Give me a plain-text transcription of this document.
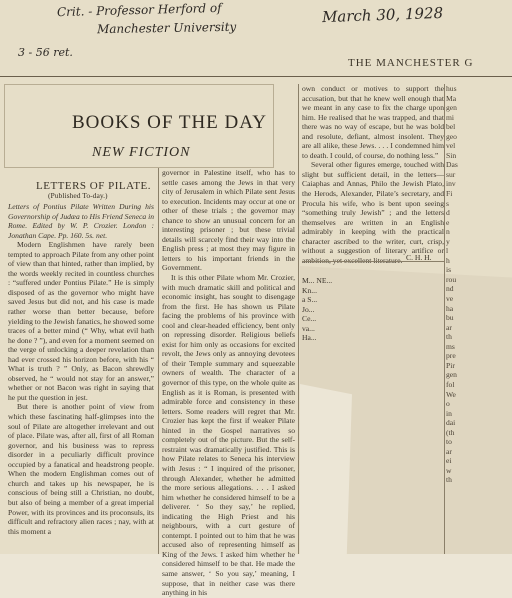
Crit. - Professor Herford of
Manchester University
March 30, 1928
3 - 56 ret.
THE MANCHESTER G
BOOKS OF THE DAY
NEW FICTION
LETTERS OF PILATE.
(Published To-day.)

Letters of Pontius Pilate Written During his Governorship of Judæa to His Friend Seneca in Rome. Edited by W. P. Crozier. London : Jonathan Cape. Pp. 160. 5s. net.

Modern Englishmen have rarely been tempted to approach Pilate from any other point of view than that hinted, rather than implied, by the words weekly recited in countless churches : “suffered under Pontius Pilate.” He is simply disposed of as the governor who might have saved Jesus but did not, and his case is made rather worse than better because, before yielding to the Jewish fanatics, he showed some traces of a better mind (“ Why, what evil hath he done ? ”), and even for a moment seemed on the verge of unlocking a deeper revelation than had ever crossed his horizon before, with his “ What is truth ? ” Only, as Bacon shrewdly observed, he “ would not stay for an answer,” whether or not Bacon was right in saying that he put the question in jest.

But there is another point of view from which these fascinating half-glimpses into the soul of Pilate are altogether irrelevant and out of place. Pilate was, after all, first of all Roman governor, and his business was to repress disorder in a peculiarly difficult province occupied by a fanatical and headstrong people. When the modern Englishman comes out of church and takes up his newspaper, he is conscious of being still a Christian, no doubt, but also of being a member of a great imperial Power, with its provinces and its proconsuls, its difficult and refractory alien races ; nay, with at this moment a

governor in Palestine itself, who has to settle cases among the Jews in that very city of Jerusalem in which Pilate sent Jesus to execution. Incidents may occur at one or other of these trials ; the governor may chance to show an unusual concern for an interesting prisoner ; but these trivial details will scarcely find their way into the English press ; at most they may figure in letters to his important friends in the Government.

It is this other Pilate whom Mr. Crozier, with much dramatic skill and political and economic insight, has sought to disengage from the first. He has shown us Pilate facing the problems of his province with cool and clear-headed efficiency, bent only on repressing disorder. Religious beliefs exist for him only as occasions for excited revolt, the Jews only as annoying devotees of their Temple summary and squeezable owners of wealth. The character of a governor of this type, on the whole quite as English as it is Roman, is presented with admirable force and consistency in these letters. Some readers will regret that Mr. Crozier has kept the first if weaker Pilate hinted in the Gospel narratives so completely out of the picture. But the self-restraint was dramatically justified. This is how Pilate relates to Seneca his interview with Jesus : “ I inquired of the prisoner, through Alexander, whether he admitted the more serious allegations. . . . I asked him whether he considered himself to be a deliverer. ‘ So they say,’ he replied, indicating the High Priest and his neighbours, with a curt gesture of contempt. I pointed out to him that he was accused also of representing himself as King of the Jews. I asked him whether he considered himself to be that. He made the same answer, ‘ So you say,’ meaning, I suppose, that in neither case was there anything in his

own conduct or motives to support the accusation, but that he knew well enough that we meant in any case to fix the charge upon him. He realised that he was trapped, and that there was no way of escape, but he was bold and resolute, defiant, almost insolent. They are all alike, these Jews. . . . I condemned him to death. I could, of course, do nothing less.”

Several other figures emerge, touched with slight but sufficient detail, in the letters—Caiaphas and Annas, Philo the Jewish Plato, the Herods, Alexander, Pilate’s secretary, and Procula his wife, who is bent upon seeing “something truly Jewish” ; and the letters themselves are written in an English admirably in keeping with the practical character ascribed to the writer, curt, crisp, without a suggestion of literary artifice or ambition, yet excellent literature. C. H. H.
M... NE...
Kn...
a S...
Jo...
Ce...
va...
Ha...
hus
Ma
gen
mi
bel
geo
vel
Sin
Das
sur
inv
Fi
s
d
e
n
y
l
h
is
rou
nd
ve
ha
bu
ar
th
ms
pre
Pir
gen
fol
We
o
in
dai
(th
to
ar
ei
w
th
